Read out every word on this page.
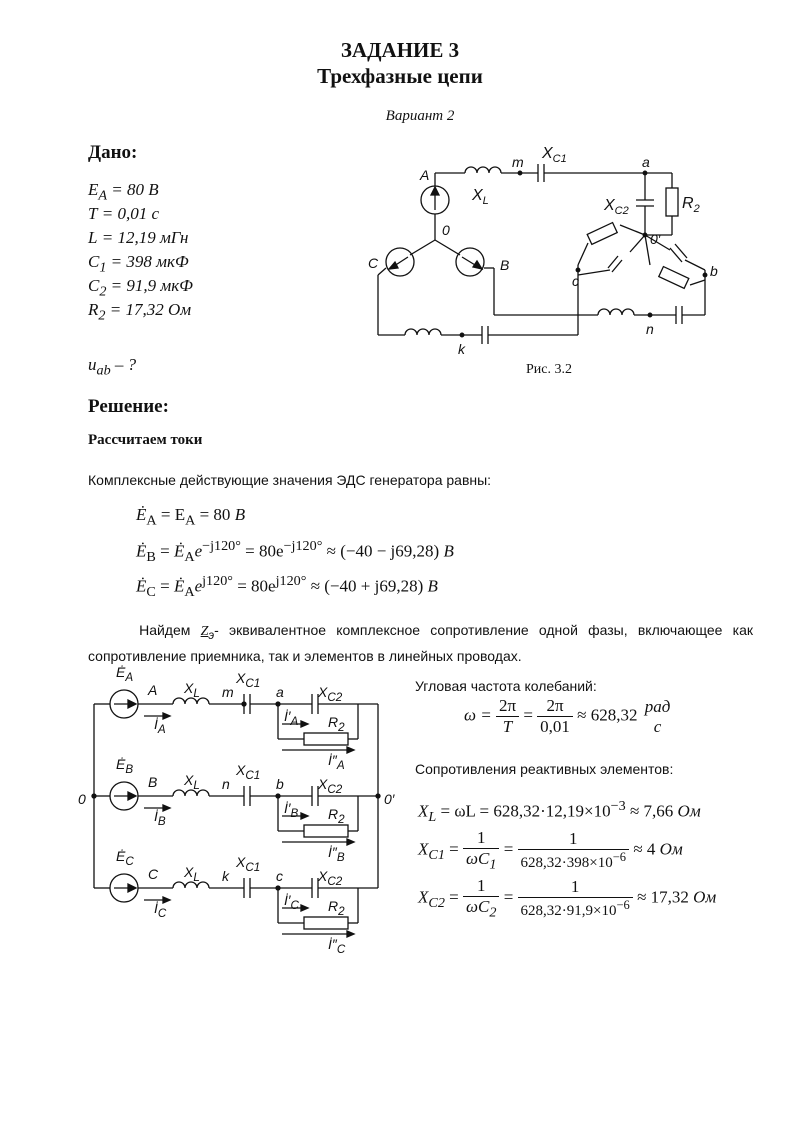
ЗАДАНИЕ 3
Трехфазные цепи
Вариант 2
Дано:
$E_A = 80$ В
T = 0,01 с
L = 12,19 мГн
$C_1 = 398$ мкФ
$C_2 = 91,9$ мкФ
$R_2 = 17,32$ Ом
$u_{ab}$ – ?
A
0
C	B
m
$X_L$
$X_{C1}$	a
$X_{C2}$	$R_2$
0′
c
b
n
k
Рис. 3.2
Решение:
Рассчитаем токи
Комплексные действующие значения ЭДС генератора равны:
$Ė_A = E_A = 80$ В
$Ė_B$ = $Ė_Ae^{-j120^\circ} = 80e^{-j120^\circ} \approx (-40 - j69,28)$ В
$Ė_C$ = $Ė_Ae^{j120^\circ} = 80e^{j120^\circ} \approx (-40 + j69,28)$ В
Найдем $Z_э-$ эквивалентное комплексное сопротивление одной фазы, включающее как сопротивление приемника, так и элементов в линейных проводах.
0	0′
$Ė_A$
A $X_L$ m
$X_{C1}$
a $X_{C2}$
$R_2$
$İ_A$
$İ'_A$
$İ''_A$
$Ė_B$
B $X_L$ n
$X_{C1}$
b $X_{C2}$
$R_2$
$İ_B$
$İ'_B$
$İ''_B$
$Ė_C$
C $X_L$ k
$X_{C1}$
c	$X_{C2}$
$R_2$
$İ_C$
$İ'_C$
$İ''_C$
Угловая частота колебаний:
$\omega = \frac{2\pi}{T} = \frac{2\pi}{0,01} \approx 628,32$ рад
с
Сопротивления реактивных элементов:
$X_L = \omega L = 628,32\cdot 12,19\times 10^{-3} \approx 7,66$ Ом
$X_{C1} = \frac{1}{\omega C_1} = \frac{1}{628,32\cdot 398\times 10^{-6}} \approx 4$ Ом
$X_{C2} = \frac{1}{\omega C_2} = \frac{1}{628,32\cdot 91,9\times 10^{-6}} \approx 17,32$ Ом
